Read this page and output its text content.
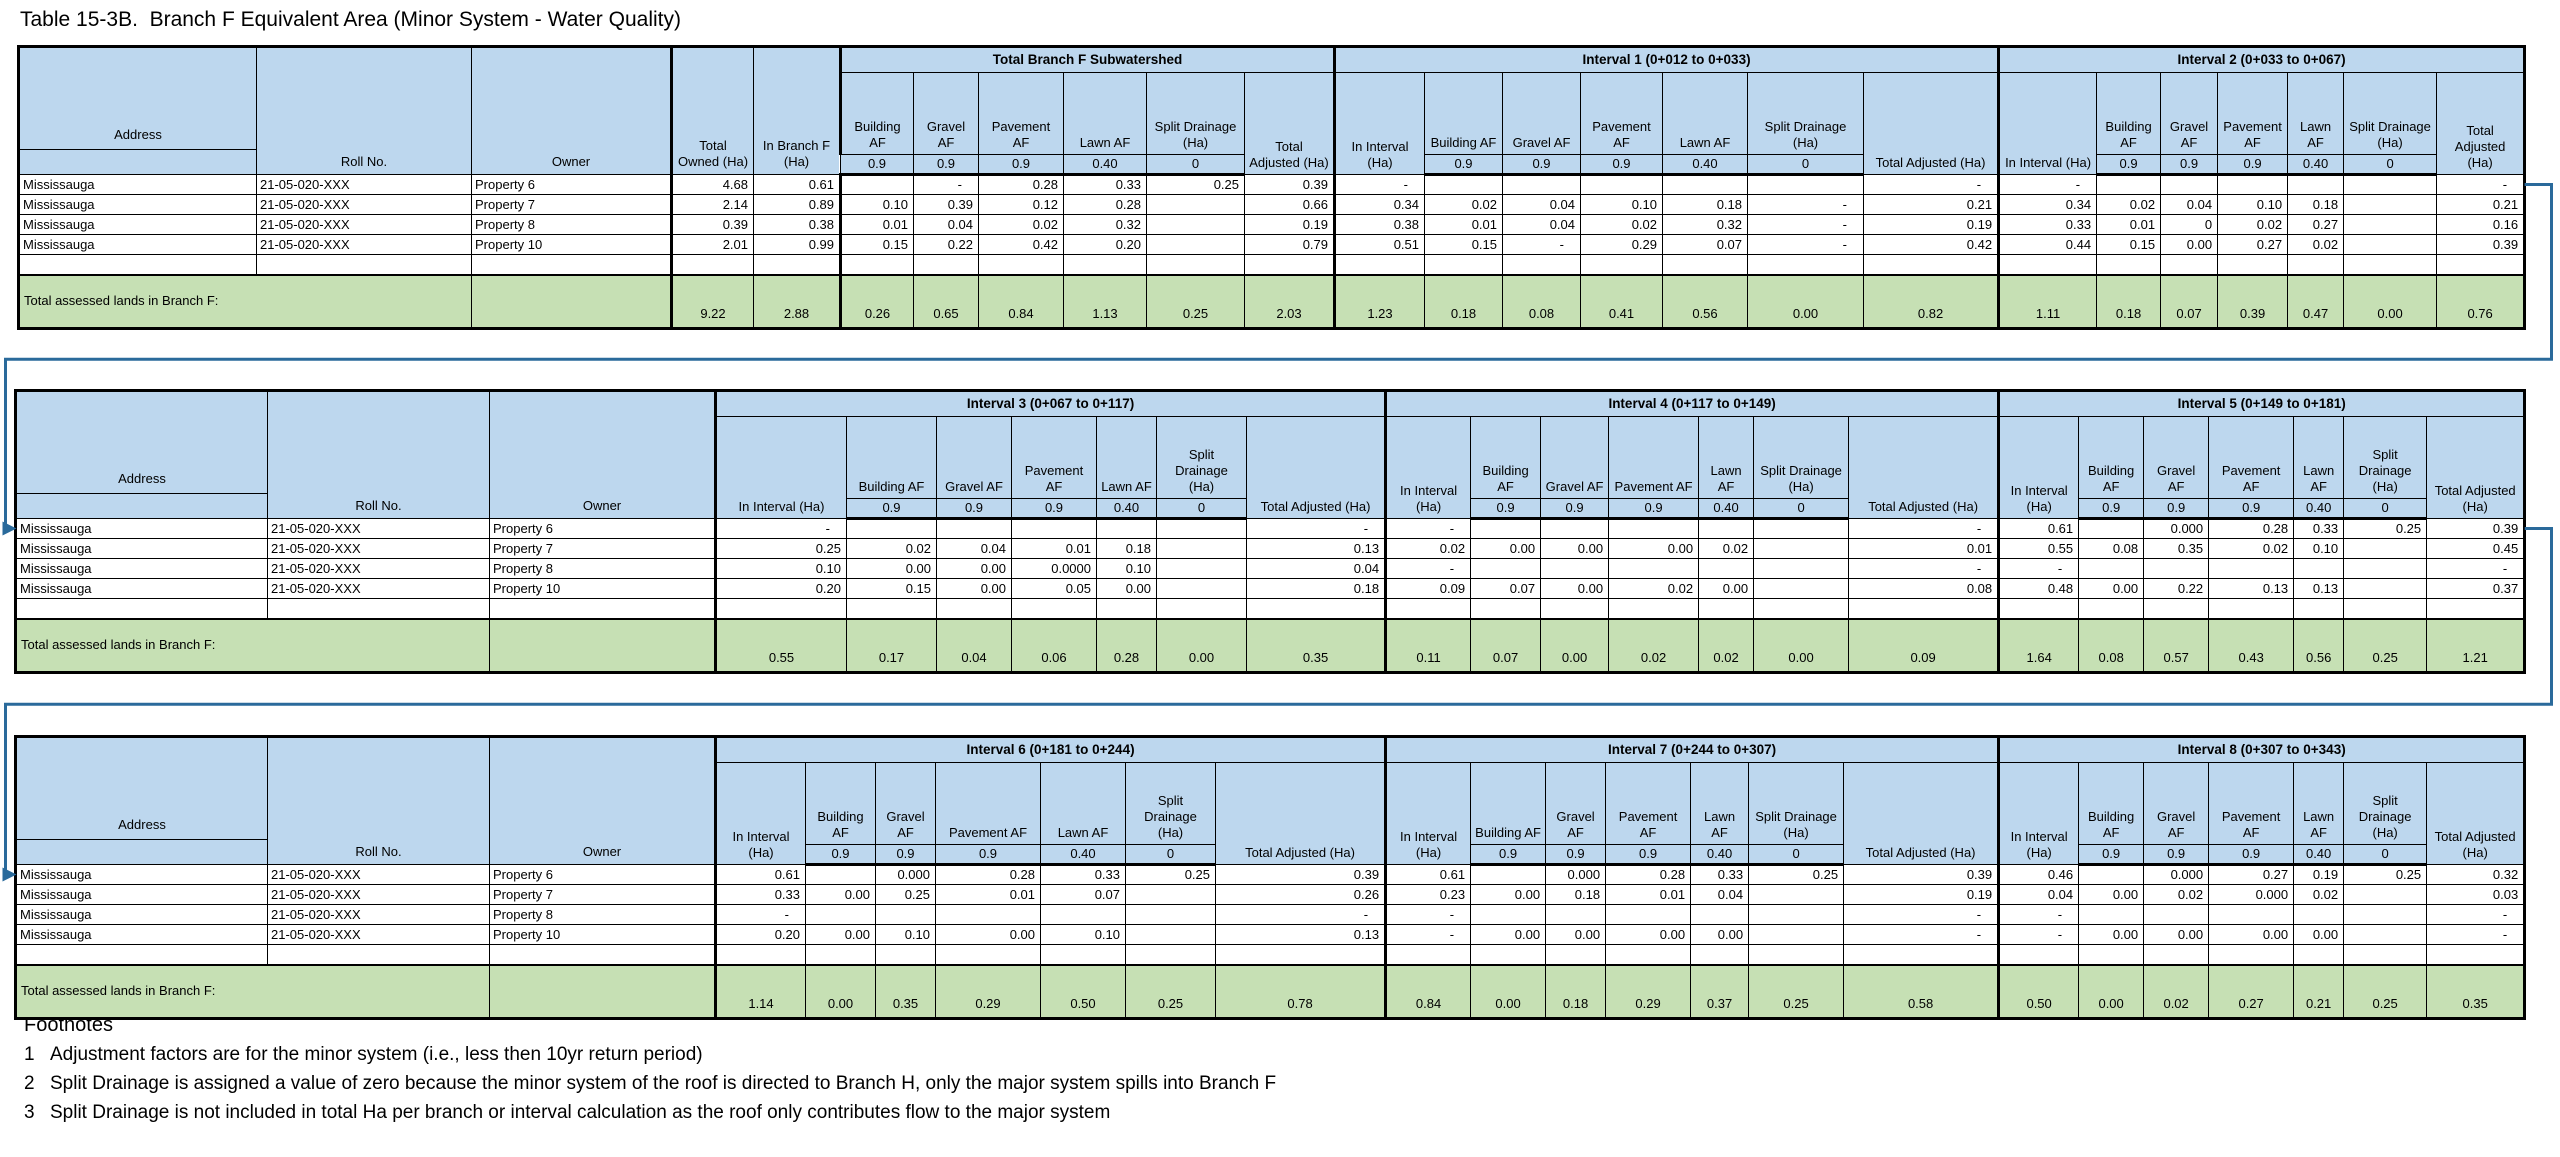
Table 15-3B.  Branch F Equivalent Area (Minor System - Water Quality)
Address	Roll No.	Owner	Total Owned (Ha)	In Branch F (Ha)	Total Branch F Subwatershed						Interval 1 (0+012 to 0+033)							Interval 2 (0+033 to 0+067)						
					Building AF	Gravel AF	Pavement AF	Lawn AF	Split Drainage (Ha)	Total Adjusted (Ha)	In Interval (Ha)	Building AF	Gravel AF	Pavement AF	Lawn AF	Split Drainage (Ha)	Total Adjusted (Ha)	In Interval (Ha)	Building AF	Gravel AF	Pavement AF	Lawn AF	Split Drainage (Ha)	Total Adjusted (Ha)
					0.9	0.9	0.9	0.40	0			0.9	0.9	0.9	0.40	0			0.9	0.9	0.9	0.40	0	
Mississauga	21-05-020-XXX	Property 6	4.68	0.61		-	0.28	0.33	0.25	0.39	-						-	-						-
Mississauga	21-05-020-XXX	Property 7	2.14	0.89	0.10	0.39	0.12	0.28		0.66	0.34	0.02	0.04	0.10	0.18	-	0.21	0.34	0.02	0.04	0.10	0.18		0.21
Mississauga	21-05-020-XXX	Property 8	0.39	0.38	0.01	0.04	0.02	0.32		0.19	0.38	0.01	0.04	0.02	0.32	-	0.19	0.33	0.01	0	0.02	0.27		0.16
Mississauga	21-05-020-XXX	Property 10	2.01	0.99	0.15	0.22	0.42	0.20		0.79	0.51	0.15	-	0.29	0.07	-	0.42	0.44	0.15	0.00	0.27	0.02		0.39

Total assessed lands in Branch F:			9.22	2.88	0.26	0.65	0.84	1.13	0.25	2.03	1.23	0.18	0.08	0.41	0.56	0.00	0.82	1.11	0.18	0.07	0.39	0.47	0.00	0.76
Address	Roll No.	Owner	Interval 3 (0+067 to 0+117)							Interval 4 (0+117 to 0+149)							Interval 5 (0+149 to 0+181)						
			In Interval (Ha)	Building AF	Gravel AF	Pavement AF	Lawn AF	Split Drainage (Ha)	Total Adjusted (Ha)	In Interval (Ha)	Building AF	Gravel AF	Pavement AF	Lawn AF	Split Drainage (Ha)	Total Adjusted (Ha)	In Interval (Ha)	Building AF	Gravel AF	Pavement AF	Lawn AF	Split Drainage (Ha)	Total Adjusted (Ha)
				0.9	0.9	0.9	0.40	0			0.9	0.9	0.9	0.40	0			0.9	0.9	0.9	0.40	0	
Mississauga	21-05-020-XXX	Property 6	-						-	-						-	0.61		0.000	0.28	0.33	0.25	0.39
Mississauga	21-05-020-XXX	Property 7	0.25	0.02	0.04	0.01	0.18		0.13	0.02	0.00	0.00	0.00	0.02		0.01	0.55	0.08	0.35	0.02	0.10		0.45
Mississauga	21-05-020-XXX	Property 8	0.10	0.00	0.00	0.0000	0.10		0.04	-						-	-						-
Mississauga	21-05-020-XXX	Property 10	0.20	0.15	0.00	0.05	0.00		0.18	0.09	0.07	0.00	0.02	0.00		0.08	0.48	0.00	0.22	0.13	0.13		0.37

Total assessed lands in Branch F:			0.55	0.17	0.04	0.06	0.28	0.00	0.35	0.11	0.07	0.00	0.02	0.02	0.00	0.09	1.64	0.08	0.57	0.43	0.56	0.25	1.21
Address	Roll No.	Owner	Interval 6 (0+181 to 0+244)							Interval 7 (0+244 to 0+307)							Interval 8 (0+307 to 0+343)						
			In Interval (Ha)	Building AF	Gravel AF	Pavement AF	Lawn AF	Split Drainage (Ha)	Total Adjusted (Ha)	In Interval (Ha)	Building AF	Gravel AF	Pavement AF	Lawn AF	Split Drainage (Ha)	Total Adjusted (Ha)	In Interval (Ha)	Building AF	Gravel AF	Pavement AF	Lawn AF	Split Drainage (Ha)	Total Adjusted (Ha)
				0.9	0.9	0.9	0.40	0			0.9	0.9	0.9	0.40	0			0.9	0.9	0.9	0.40	0	
Mississauga	21-05-020-XXX	Property 6	0.61		0.000	0.28	0.33	0.25	0.39	0.61		0.000	0.28	0.33	0.25	0.39	0.46		0.000	0.27	0.19	0.25	0.32
Mississauga	21-05-020-XXX	Property 7	0.33	0.00	0.25	0.01	0.07		0.26	0.23	0.00	0.18	0.01	0.04		0.19	0.04	0.00	0.02	0.000	0.02		0.03
Mississauga	21-05-020-XXX	Property 8	-						-	-						-	-						-
Mississauga	21-05-020-XXX	Property 10	0.20	0.00	0.10	0.00	0.10		0.13	-	0.00	0.00	0.00	0.00		-	-	0.00	0.00	0.00	0.00		-

Total assessed lands in Branch F:			1.14	0.00	0.35	0.29	0.50	0.25	0.78	0.84	0.00	0.18	0.29	0.37	0.25	0.58	0.50	0.00	0.02	0.27	0.21	0.25	0.35
Footnotes
1 Adjustment factors are for the minor system (i.e., less then 10yr return period)
2 Split Drainage is assigned a value of zero because the minor system of the roof is directed to Branch H, only the major system spills into Branch F
3 Split Drainage is not included in total Ha per branch or interval calculation as the roof only contributes flow to the major system
